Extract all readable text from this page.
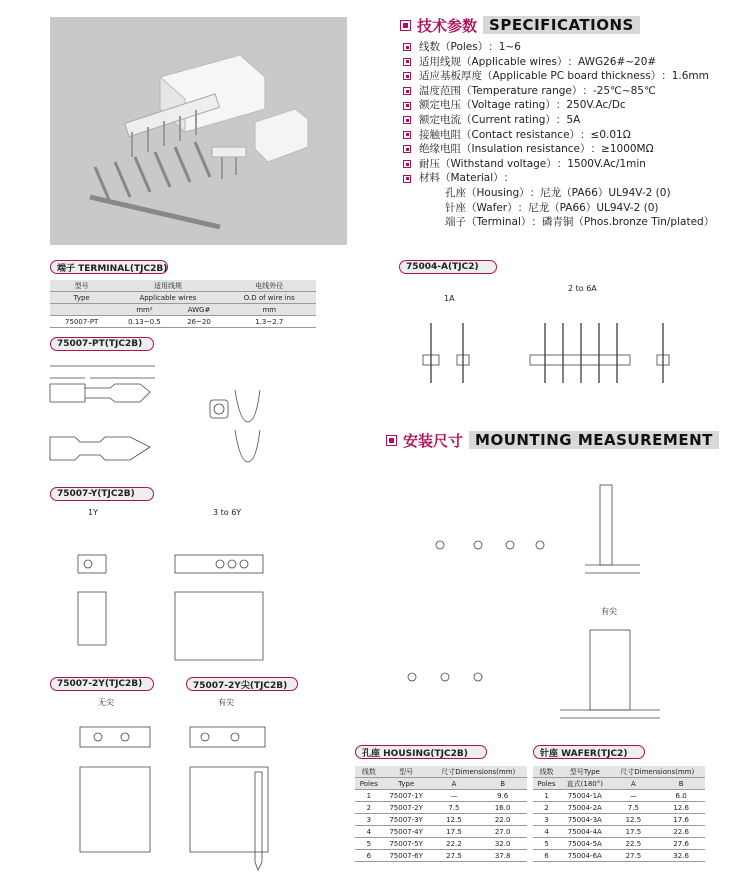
技术参数 SPECIFICATIONS
线数（Poles） ：1~6
适用线规（Applicable wires） ：AWG26#~20#
适应基板厚度（Applicable PC board thickness） ：1.6mm
温度范围（Temperature range） ：-25℃~85℃
额定电压（Voltage rating） ：250V.Ac/Dc
额定电流（Current rating） ：5A
接触电阻（Contact resistance） ：≤0.01Ω
绝缘电阻（Insulation resistance） ：≥1000MΩ
耐压（Withstand voltage） ：1500V.Ac/1min
材料（Material） ：
孔座（Housing） ：尼龙（PA66）UL94V-2 (0)
针座（Wafer） ：尼龙（PA66）UL94V-2 (0)
端子（Terminal） ：磷青铜（Phos.bronze Tin/plated）
端子 TERMINAL(TJC2B)
型号	适用线规		电线外径
Type	Applicable wires		O.D of wire ins
	mm²	AWG#	mm
75007-PT	0.13~0.5	26~20	1.3~2.7
75007-PT(TJC2B)
75007-Y(TJC2B)
1Y	3 to 6Y
75007-2Y(TJC2B)	75007-2Y尖(TJC2B)
无尖	有尖
75004-A(TJC2)
1A
2 to 6A
安装尺寸 MOUNTING MEASUREMENT
有尖
孔座 HOUSING(TJC2B)
线数	型号	尺寸Dimensions(mm)	
Poles	Type	A	B
1	75007-1Y	—	9.6
2	75007-2Y	7.5	16.0
3	75007-3Y	12.5	22.0
4	75007-4Y	17.5	27.0
5	75007-5Y	22.2	32.0
6	75007-6Y	27.5	37.8
针座 WAFER(TJC2)
线数	型号Type	尺寸Dimensions(mm)	
Poles	直式(180°)	A	B
1	75004-1A	—	6.0
2	75004-2A	7.5	12.6
3	75004-3A	12.5	17.6
4	75004-4A	17.5	22.6
5	75004-5A	22.5	27.6
6	75004-6A	27.5	32.6
